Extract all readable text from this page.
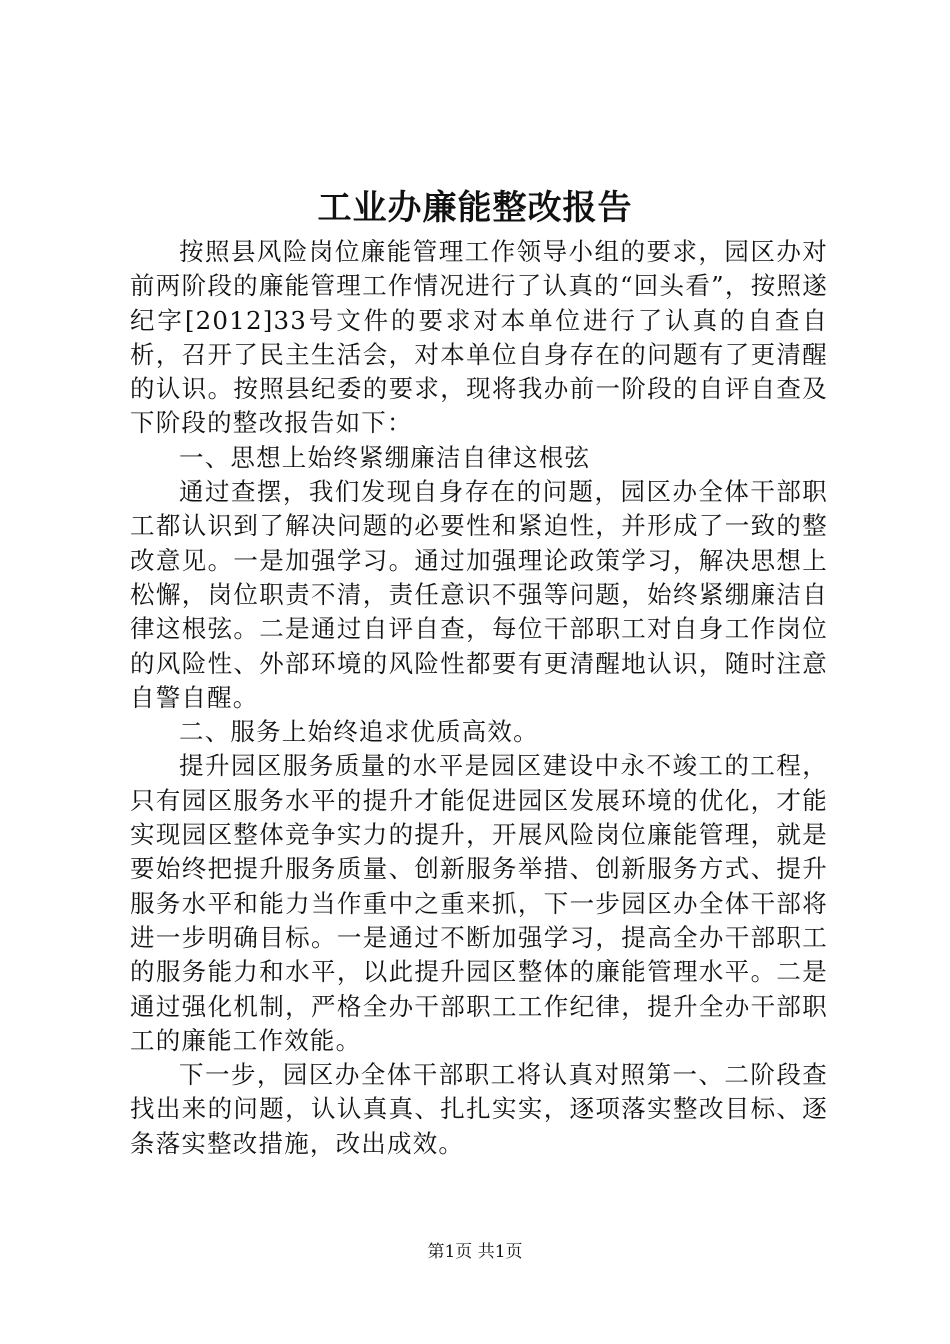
工业办廉能整改报告

按照县风险岗位廉能管理工作领导小组的要求，园区办对前两阶段的廉能管理工作情况进行了认真的“回头看”，按照遂纪字[2012]33号文件的要求对本单位进行了认真的自查自析，召开了民主生活会，对本单位自身存在的问题有了更清醒的认识。按照县纪委的要求，现将我办前一阶段的自评自查及下阶段的整改报告如下：

一、思想上始终紧绷廉洁自律这根弦

通过查摆，我们发现自身存在的问题，园区办全体干部职工都认识到了解决问题的必要性和紧迫性，并形成了一致的整改意见。一是加强学习。通过加强理论政策学习，解决思想上松懈，岗位职责不清，责任意识不强等问题，始终紧绷廉洁自律这根弦。二是通过自评自查，每位干部职工对自身工作岗位的风险性、外部环境的风险性都要有更清醒地认识，随时注意自警自醒。

二、服务上始终追求优质高效。

提升园区服务质量的水平是园区建设中永不竣工的工程，只有园区服务水平的提升才能促进园区发展环境的优化，才能实现园区整体竞争实力的提升，开展风险岗位廉能管理，就是要始终把提升服务质量、创新服务举措、创新服务方式、提升服务水平和能力当作重中之重来抓，下一步园区办全体干部将进一步明确目标。一是通过不断加强学习，提高全办干部职工的服务能力和水平，以此提升园区整体的廉能管理水平。二是通过强化机制，严格全办干部职工工作纪律，提升全办干部职工的廉能工作效能。

下一步，园区办全体干部职工将认真对照第一、二阶段查找出来的问题，认认真真、扎扎实实，逐项落实整改目标、逐条落实整改措施，改出成效。

第1页 共1页
